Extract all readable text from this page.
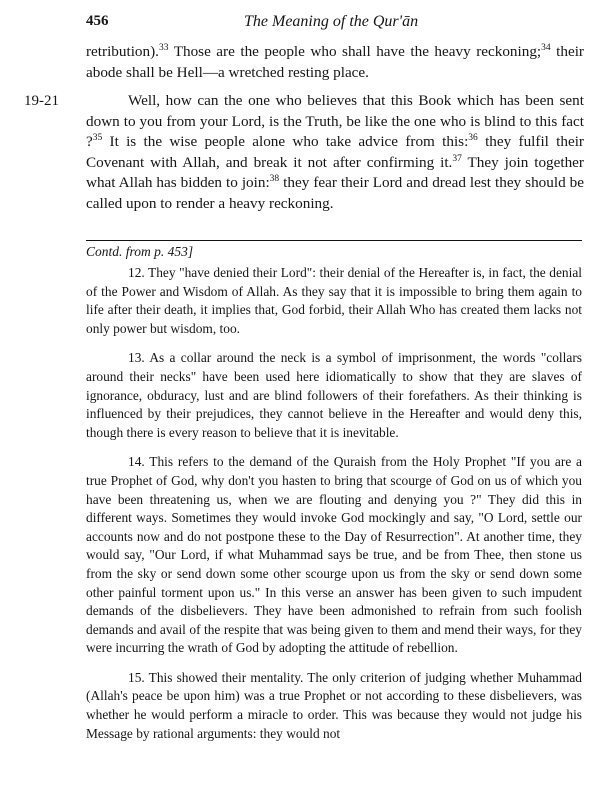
456	The Meaning of the Qur'ān
19-21

retribution).$^{33}$ Those are the people who shall have the heavy reckoning;$^{34}$ their abode shall be Hell—a wretched resting place.

Well, how can the one who believes that this Book which has been sent down to you from your Lord, is the Truth, be like the one who is blind to this fact ?$^{35}$ It is the wise people alone who take advice from this:$^{36}$ they fulfil their Covenant with Allah, and break it not after confirming it.$^{37}$ They join together what Allah has bidden to join:$^{38}$ they fear their Lord and dread lest they should be called upon to render a heavy reckoning.

Contd. from p. 453]

12. They "have denied their Lord": their denial of the Hereafter is, in fact, the denial of the Power and Wisdom of Allah. As they say that it is impossible to bring them again to life after their death, it implies that, God forbid, their Allah Who has created them lacks not only power but wisdom, too.

13. As a collar around the neck is a symbol of imprisonment, the words "collars around their necks" have been used here idiomatically to show that they are slaves of ignorance, obduracy, lust and are blind followers of their forefathers. As their thinking is influenced by their prejudices, they cannot believe in the Hereafter and would deny this, though there is every reason to believe that it is inevitable.

14. This refers to the demand of the Quraish from the Holy Prophet "If you are a true Prophet of God, why don't you hasten to bring that scourge of God on us of which you have been threatening us, when we are flouting and denying you ?" They did this in different ways. Sometimes they would invoke God mockingly and say, "O Lord, settle our accounts now and do not postpone these to the Day of Resurrection". At another time, they would say, "Our Lord, if what Muhammad says be true, and be from Thee, then stone us from the sky or send down some other scourge upon us from the sky or send down some other painful torment upon us." In this verse an answer has been given to such impudent demands of the disbelievers. They have been admonished to refrain from such foolish demands and avail of the respite that was being given to them and mend their ways, for they were incurring the wrath of God by adopting the attitude of rebellion.

15. This showed their mentality. The only criterion of judging whether Muhammad (Allah's peace be upon him) was a true Prophet or not according to these disbelievers, was whether he would perform a miracle to order. This was because they would not judge his Message by rational arguments: they would not
